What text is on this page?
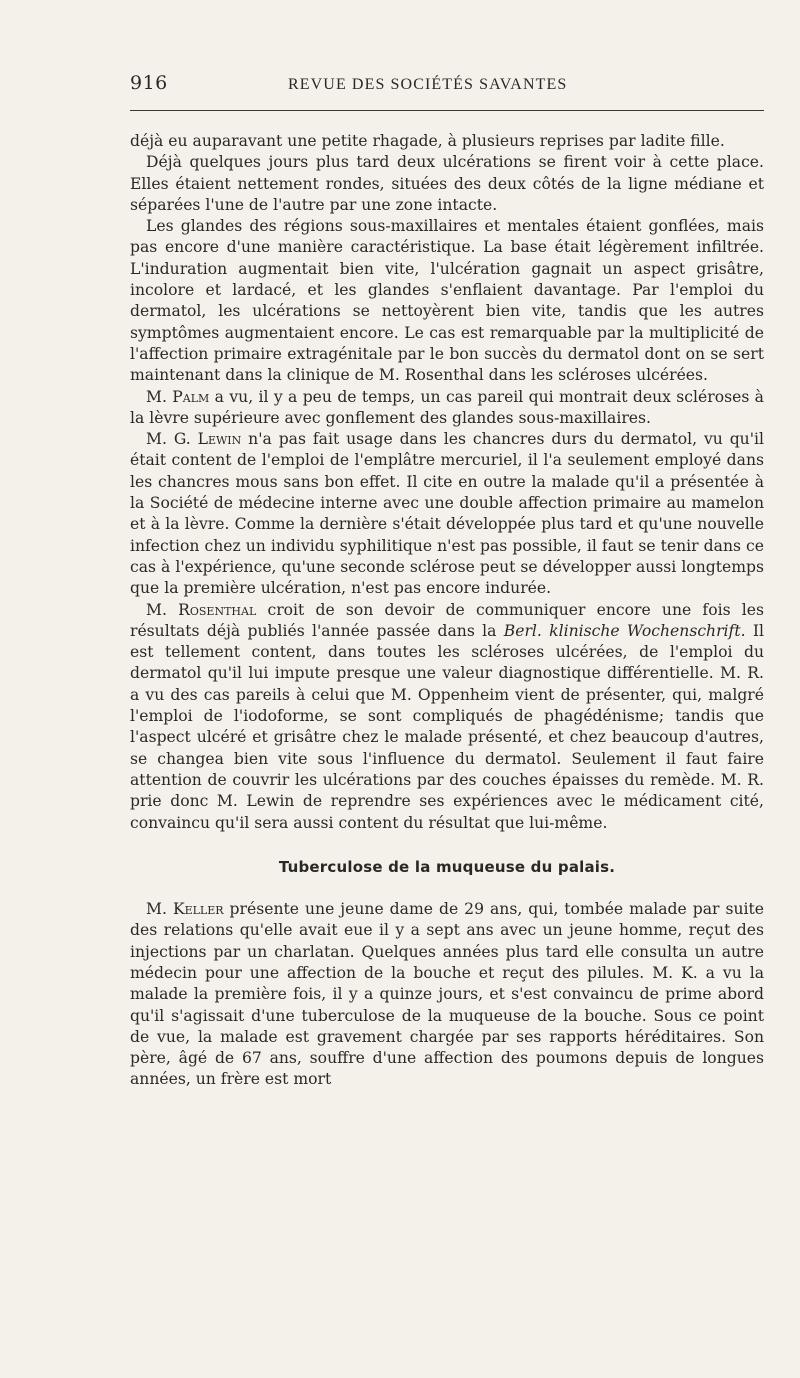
916	REVUE DES SOCIÉTÉS SAVANTES

déjà eu auparavant une petite rhagade, à plusieurs reprises par ladite fille.

Déjà quelques jours plus tard deux ulcérations se firent voir à cette place. Elles étaient nettement rondes, situées des deux côtés de la ligne médiane et séparées l'une de l'autre par une zone intacte.

Les glandes des régions sous-maxillaires et mentales étaient gonflées, mais pas encore d'une manière caractéristique. La base était légèrement infiltrée. L'induration augmentait bien vite, l'ulcération gagnait un aspect grisâtre, incolore et lardacé, et les glandes s'enflaient davantage. Par l'emploi du dermatol, les ulcérations se nettoyèrent bien vite, tandis que les autres symptômes augmentaient encore. Le cas est remarquable par la multiplicité de l'affection primaire extragénitale par le bon succès du dermatol dont on se sert maintenant dans la clinique de M. Rosenthal dans les scléroses ulcérées.

M. Palm a vu, il y a peu de temps, un cas pareil qui montrait deux scléroses à la lèvre supérieure avec gonflement des glandes sous-maxillaires.

M. G. Lewin n'a pas fait usage dans les chancres durs du dermatol, vu qu'il était content de l'emploi de l'emplâtre mercuriel, il l'a seulement employé dans les chancres mous sans bon effet. Il cite en outre la malade qu'il a présentée à la Société de médecine interne avec une double affection primaire au mamelon et à la lèvre. Comme la dernière s'était développée plus tard et qu'une nouvelle infection chez un individu syphilitique n'est pas possible, il faut se tenir dans ce cas à l'expérience, qu'une seconde sclérose peut se développer aussi longtemps que la première ulcération, n'est pas encore indurée.

M. Rosenthal croit de son devoir de communiquer encore une fois les résultats déjà publiés l'année passée dans la Berl. klinische Wochenschrift. Il est tellement content, dans toutes les scléroses ulcérées, de l'emploi du dermatol qu'il lui impute presque une valeur diagnostique différentielle. M. R. a vu des cas pareils à celui que M. Oppenheim vient de présenter, qui, malgré l'emploi de l'iodoforme, se sont compliqués de phagédénisme; tandis que l'aspect ulcéré et grisâtre chez le malade présenté, et chez beaucoup d'autres, se changea bien vite sous l'influence du dermatol. Seulement il faut faire attention de couvrir les ulcérations par des couches épaisses du remède. M. R. prie donc M. Lewin de reprendre ses expériences avec le médicament cité, convaincu qu'il sera aussi content du résultat que lui-même.

Tuberculose de la muqueuse du palais.

M. Keller présente une jeune dame de 29 ans, qui, tombée malade par suite des relations qu'elle avait eue il y a sept ans avec un jeune homme, reçut des injections par un charlatan. Quelques années plus tard elle consulta un autre médecin pour une affection de la bouche et reçut des pilules. M. K. a vu la malade la première fois, il y a quinze jours, et s'est convaincu de prime abord qu'il s'agissait d'une tuberculose de la muqueuse de la bouche. Sous ce point de vue, la malade est gravement chargée par ses rapports héréditaires. Son père, âgé de 67 ans, souffre d'une affection des poumons depuis de longues années, un frère est mort
